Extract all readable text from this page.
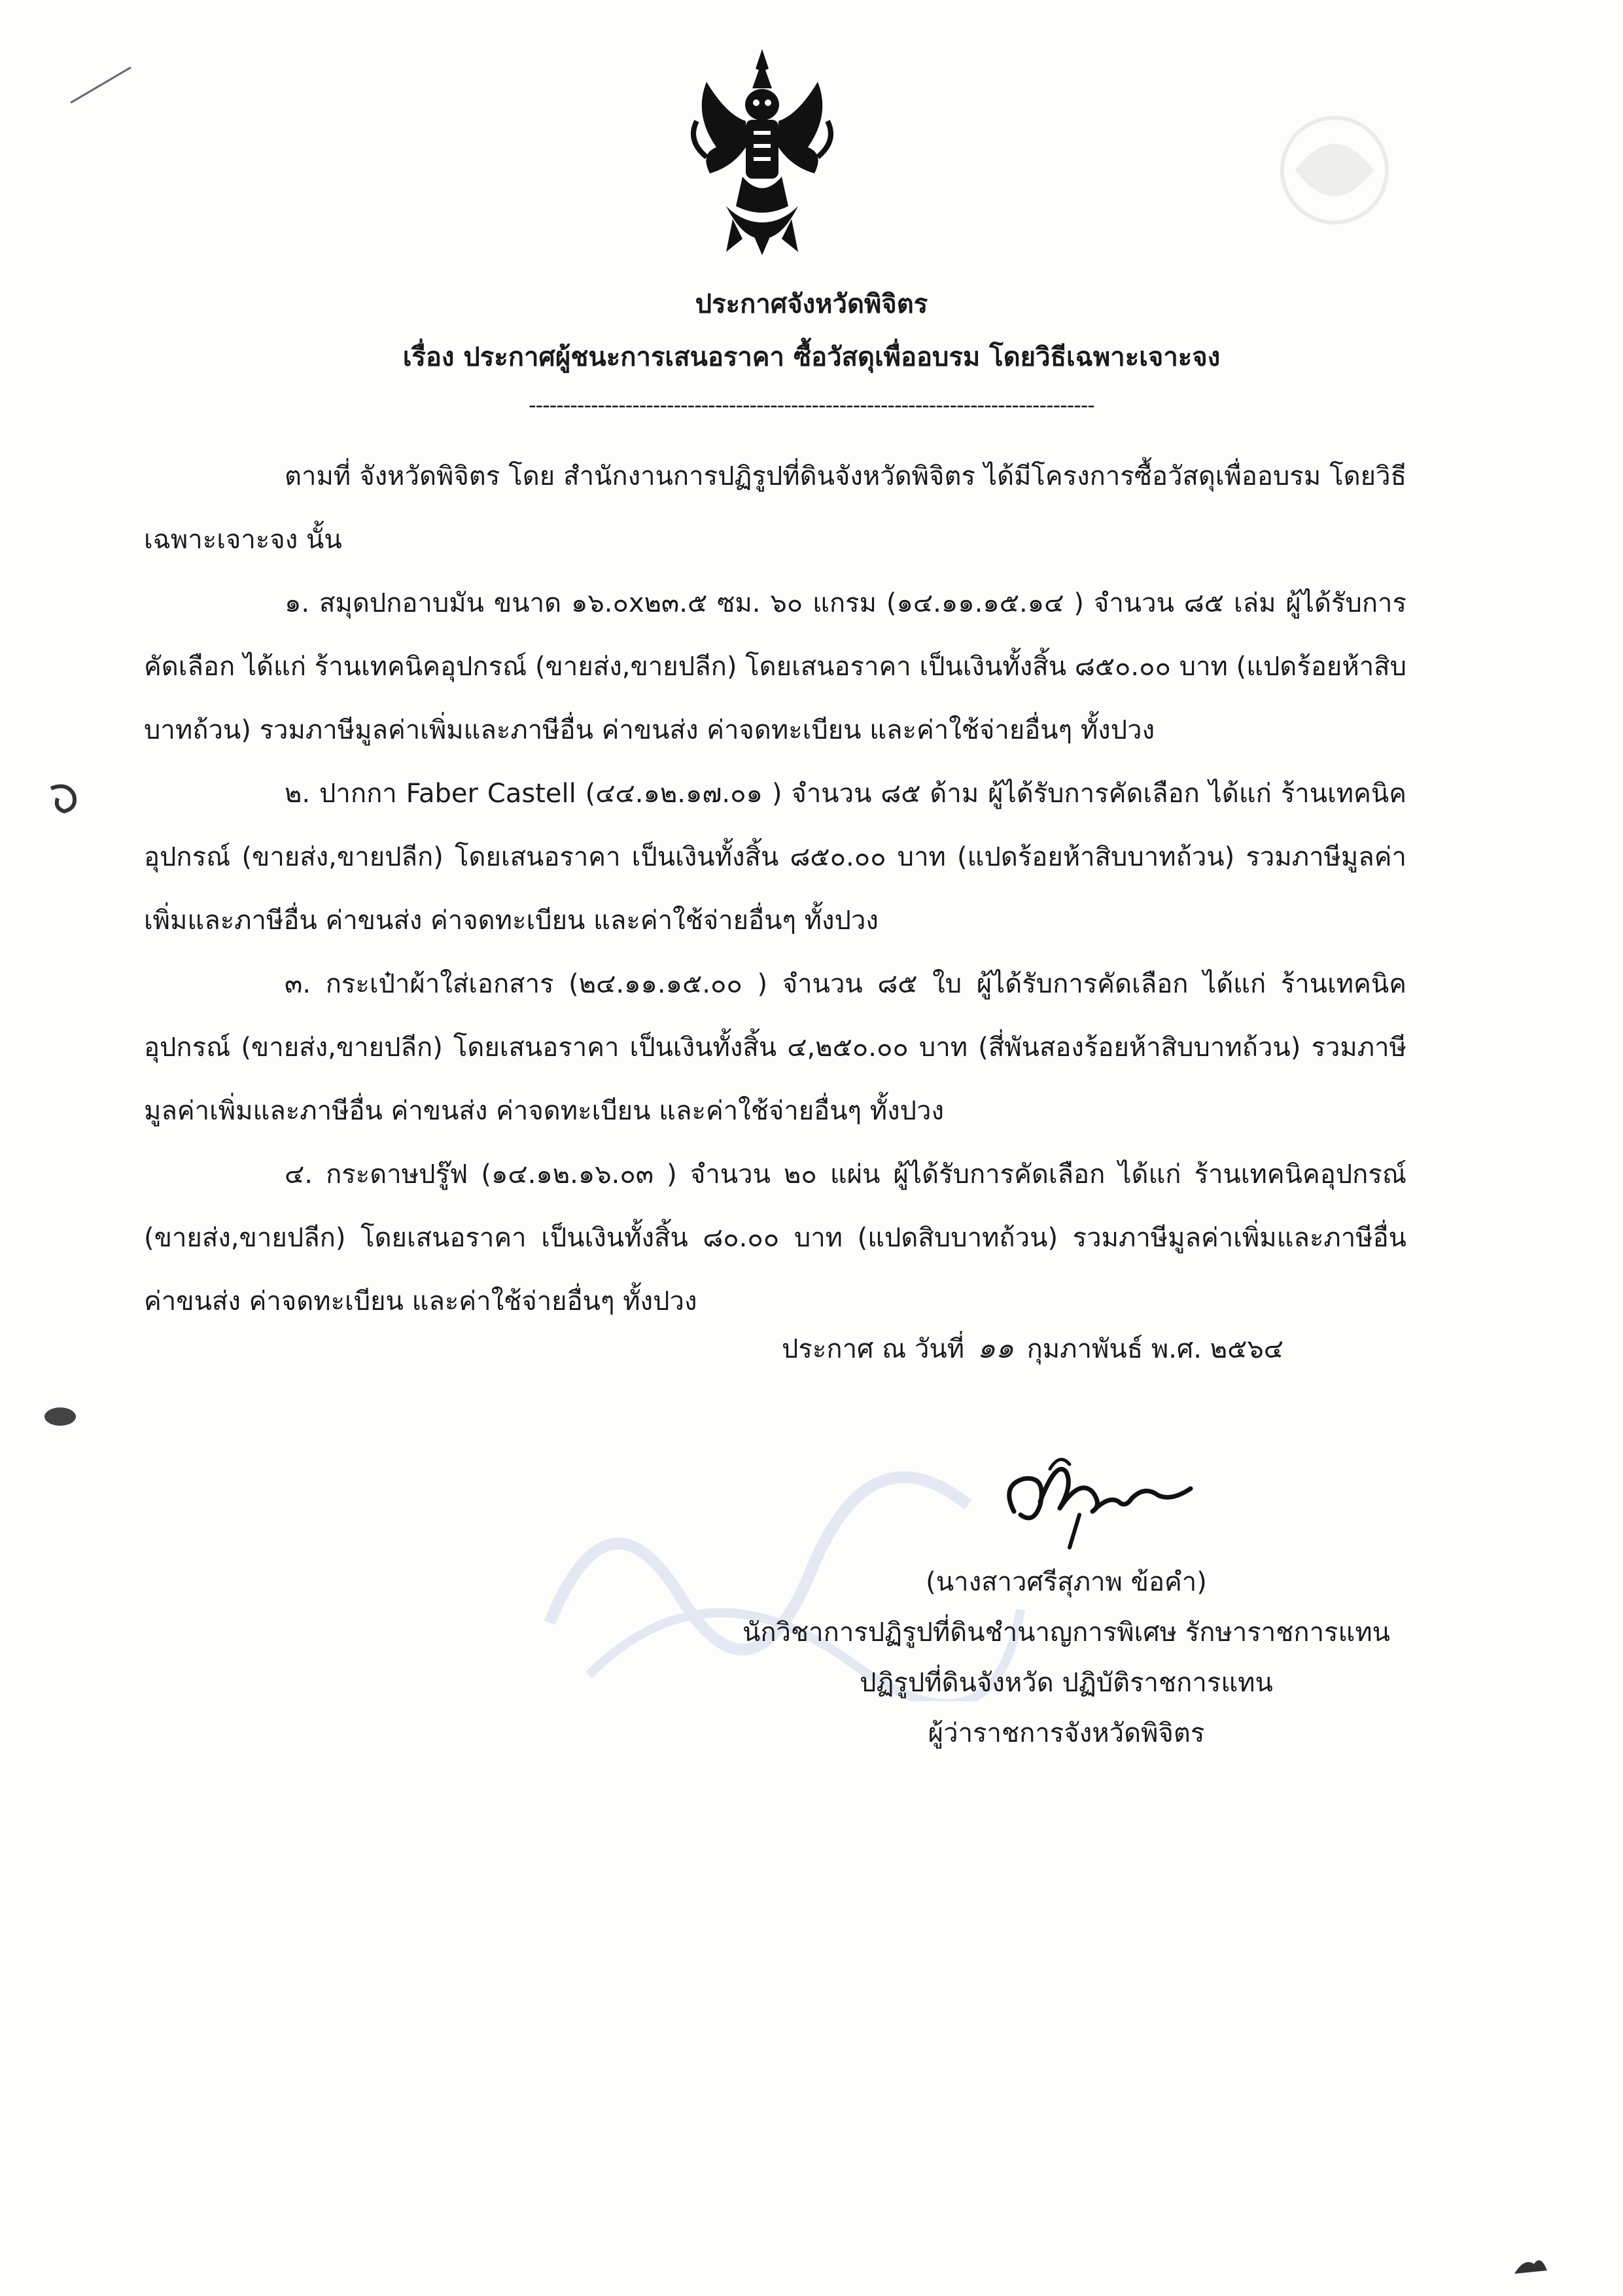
ประกาศจังหวัดพิจิตร
เรื่อง ประกาศผู้ชนะการเสนอราคา ซื้อวัสดุเพื่ออบรม โดยวิธีเฉพาะเจาะจง
----------------------------------------------------------------------------------

ตามที่ จังหวัดพิจิตร โดย สำนักงานการปฏิรูปที่ดินจังหวัดพิจิตร ได้มีโครงการซื้อวัสดุเพื่ออบรม โดยวิธีเฉพาะเจาะจง นั้น

๑. สมุดปกอาบมัน ขนาด ๑๖.๐x๒๓.๕ ซม. ๖๐ แกรม (๑๔.๑๑.๑๕.๑๔ ) จำนวน ๘๕ เล่ม ผู้ได้รับการคัดเลือก ได้แก่ ร้านเทคนิคอุปกรณ์ (ขายส่ง,ขายปลีก) โดยเสนอราคา เป็นเงินทั้งสิ้น ๘๕๐.๐๐ บาท (แปดร้อยห้าสิบบาทถ้วน) รวมภาษีมูลค่าเพิ่มและภาษีอื่น ค่าขนส่ง ค่าจดทะเบียน และค่าใช้จ่ายอื่นๆ ทั้งปวง

๒. ปากกา Faber Castell (๔๔.๑๒.๑๗.๐๑ ) จำนวน ๘๕ ด้าม ผู้ได้รับการคัดเลือก ได้แก่ ร้านเทคนิคอุปกรณ์ (ขายส่ง,ขายปลีก) โดยเสนอราคา เป็นเงินทั้งสิ้น ๘๕๐.๐๐ บาท (แปดร้อยห้าสิบบาทถ้วน) รวมภาษีมูลค่าเพิ่มและภาษีอื่น ค่าขนส่ง ค่าจดทะเบียน และค่าใช้จ่ายอื่นๆ ทั้งปวง

๓. กระเป๋าผ้าใส่เอกสาร (๒๔.๑๑.๑๕.๐๐ ) จำนวน ๘๕ ใบ ผู้ได้รับการคัดเลือก ได้แก่ ร้านเทคนิคอุปกรณ์ (ขายส่ง,ขายปลีก) โดยเสนอราคา เป็นเงินทั้งสิ้น ๔,๒๕๐.๐๐ บาท (สี่พันสองร้อยห้าสิบบาทถ้วน) รวมภาษีมูลค่าเพิ่มและภาษีอื่น ค่าขนส่ง ค่าจดทะเบียน และค่าใช้จ่ายอื่นๆ ทั้งปวง

๔. กระดาษปรู๊ฟ (๑๔.๑๒.๑๖.๐๓ ) จำนวน ๒๐ แผ่น ผู้ได้รับการคัดเลือก ได้แก่ ร้านเทคนิคอุปกรณ์ (ขายส่ง,ขายปลีก) โดยเสนอราคา เป็นเงินทั้งสิ้น ๘๐.๐๐ บาท (แปดสิบบาทถ้วน) รวมภาษีมูลค่าเพิ่มและภาษีอื่น ค่าขนส่ง ค่าจดทะเบียน และค่าใช้จ่ายอื่นๆ ทั้งปวง

ประกาศ ณ วันที่ ๑๑ กุมภาพันธ์ พ.ศ. ๒๕๖๔
(นางสาวศรีสุภาพ ข้อคำ)
นักวิชาการปฏิรูปที่ดินชำนาญการพิเศษ รักษาราชการแทน
ปฏิรูปที่ดินจังหวัด ปฏิบัติราชการแทน
ผู้ว่าราชการจังหวัดพิจิตร
